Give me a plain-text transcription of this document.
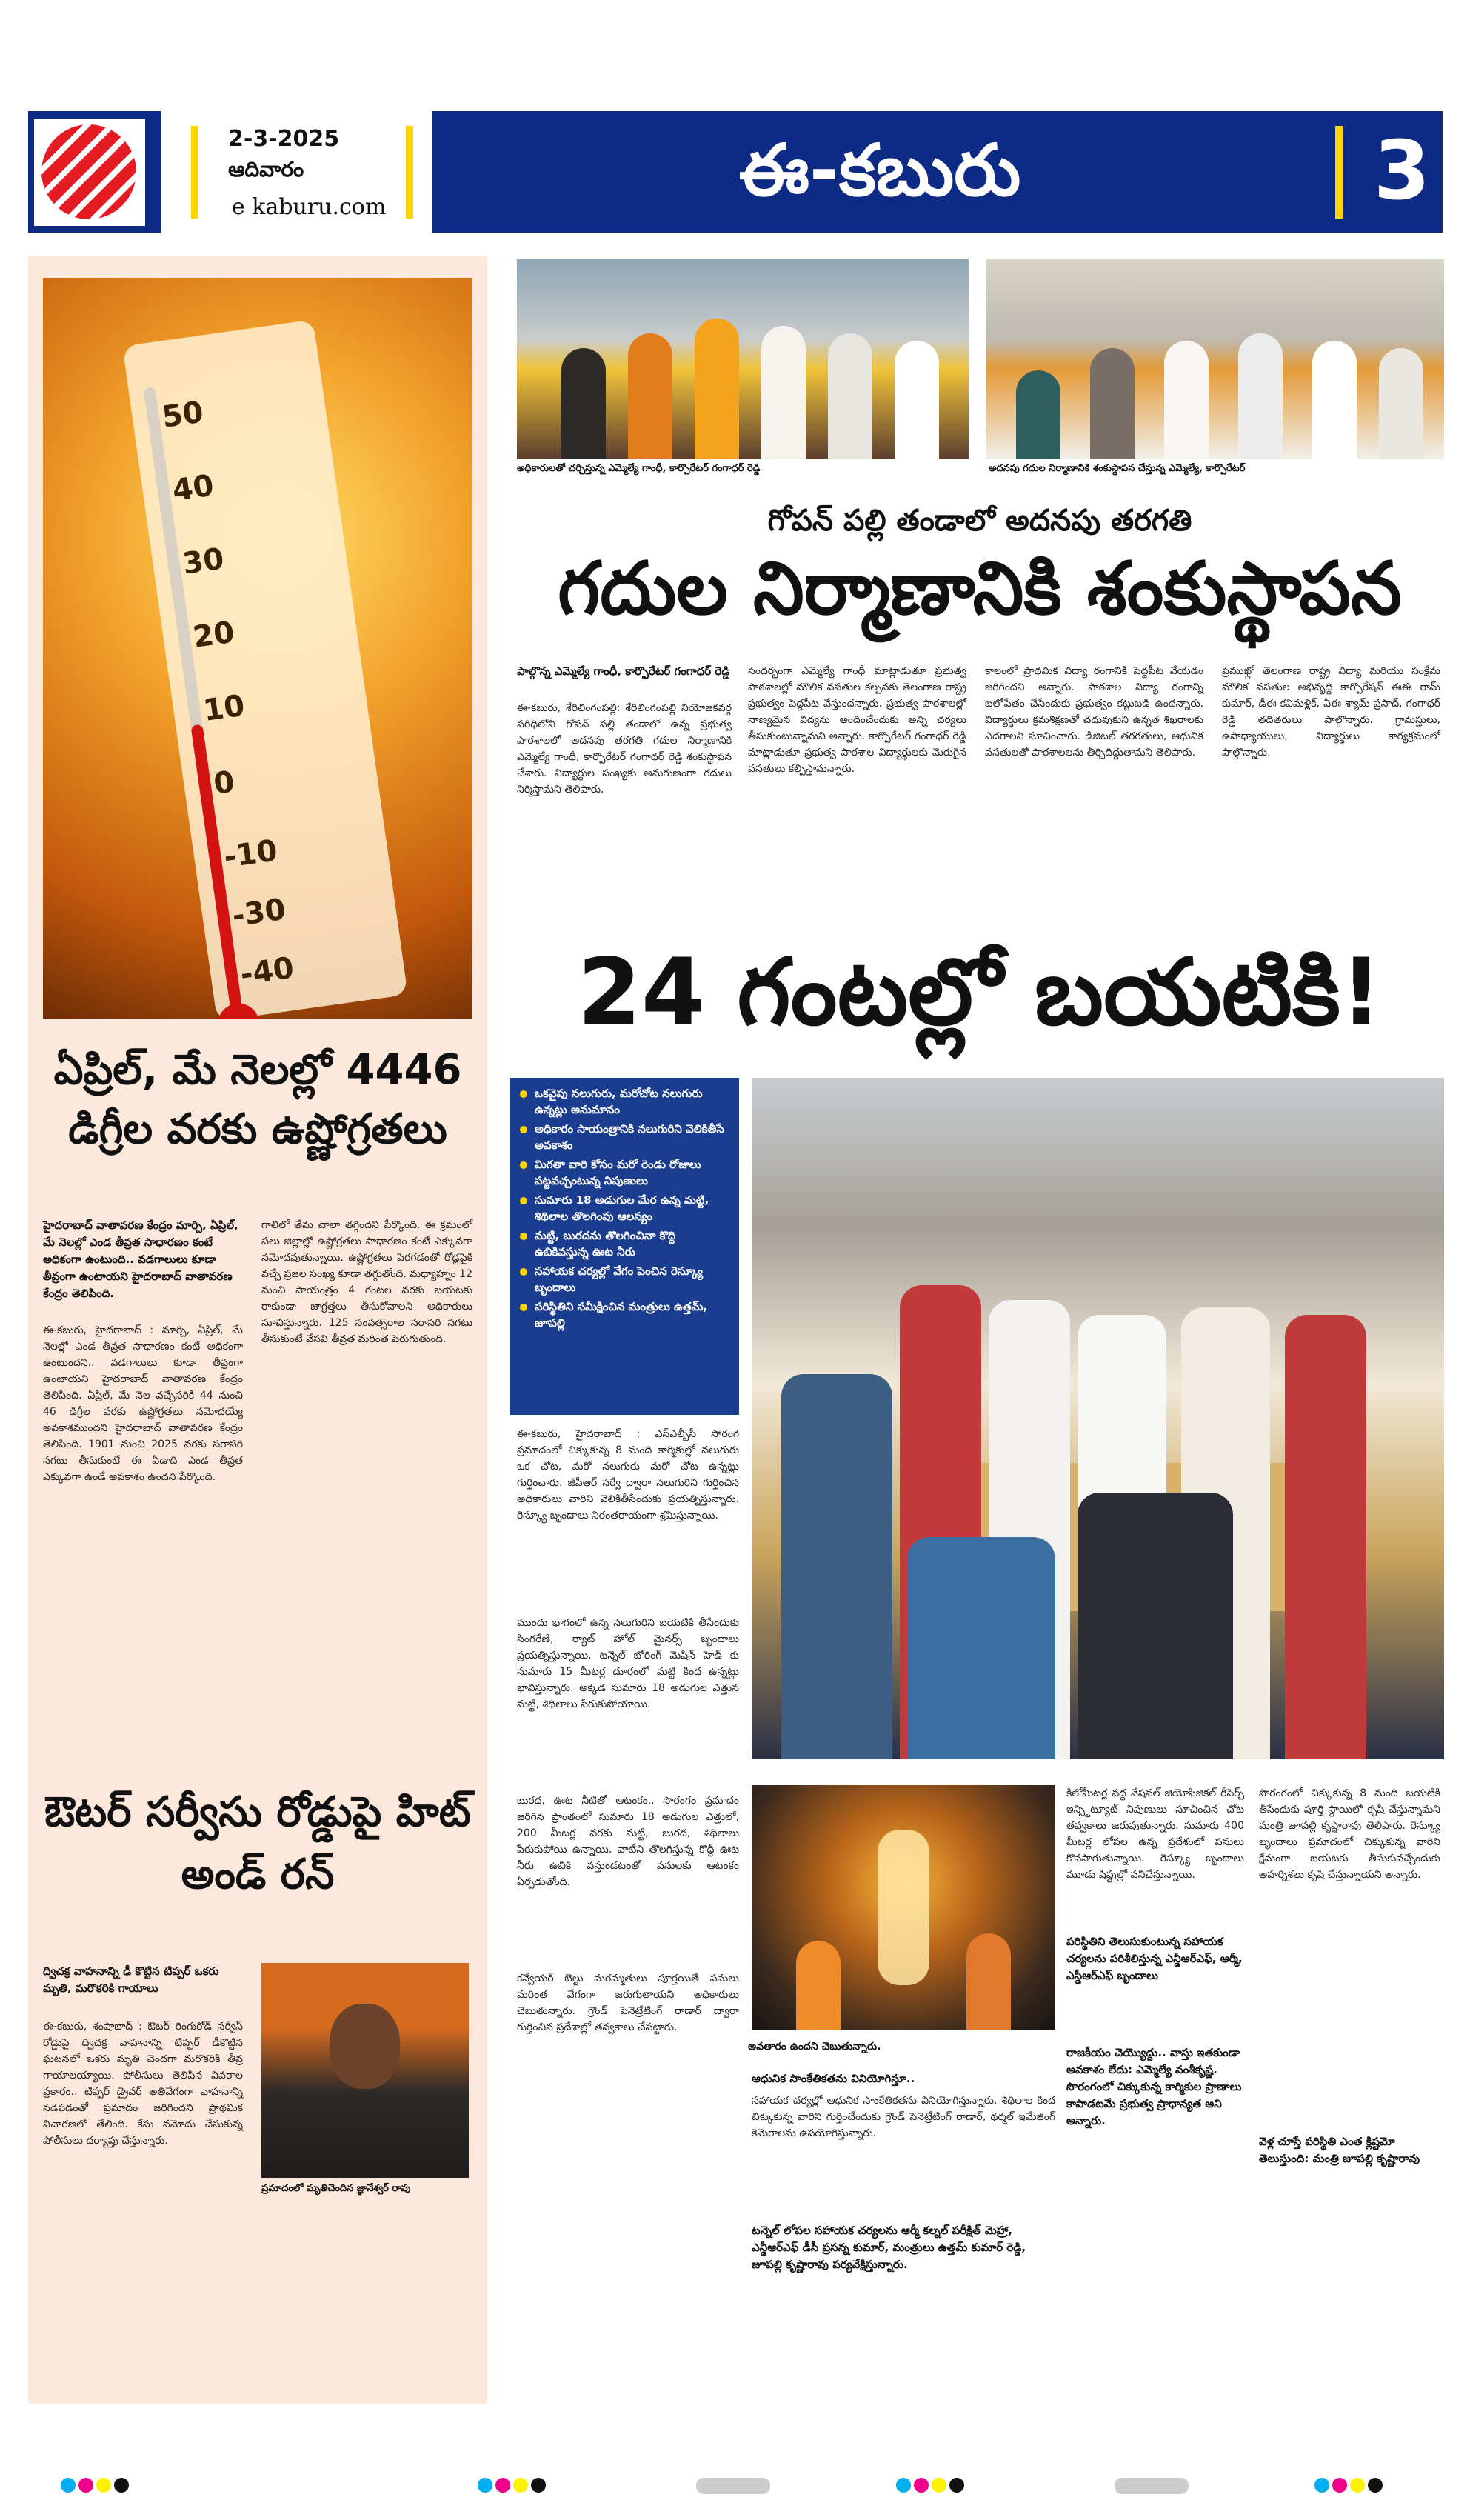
2-3-2025
ఆదివారం
e kaburu.com	ఈ-కబురు	3
50
40
30
20
10
0
-10
-30
-40
ఏప్రిల్, మే నెలల్లో 4446 డిగ్రీల వరకు ఉష్ణోగ్రతలు
హైదరాబాద్ వాతావరణ కేంద్రం మార్చి, ఏప్రిల్, మే నెలల్లో ఎండ తీవ్రత సాధారణం కంటే అధికంగా ఉంటుంది.. వడగాలులు కూడా తీవ్రంగా ఉంటాయని హైదరాబాద్ వాతావరణ కేంద్రం తెలిపింది.
ఈ-కబురు, హైదరాబాద్ : మార్చి, ఏప్రిల్, మే నెలల్లో ఎండ తీవ్రత సాధారణం కంటే అధికంగా ఉంటుందని.. వడగాలులు కూడా తీవ్రంగా ఉంటాయని హైదరాబాద్ వాతావరణ కేంద్రం తెలిపింది. ఏప్రిల్, మే నెల వచ్చేసరికి 44 నుంచి 46 డిగ్రీల వరకు ఉష్ణోగ్రతలు నమోదయ్యే అవకాశముందని హైదరాబాద్ వాతావరణ కేంద్రం తెలిపింది. 1901 నుంచి 2025 వరకు సరాసరి సగటు తీసుకుంటే ఈ ఏడాది ఎండ తీవ్రత ఎక్కువగా ఉండే అవకాశం ఉందని పేర్కొంది.
గాలిలో తేమ చాలా తగ్గిందని పేర్కొంది. ఈ క్రమంలో పలు జిల్లాల్లో ఉష్ణోగ్రతలు సాధారణం కంటే ఎక్కువగా నమోదవుతున్నాయి. ఉష్ణోగ్రతలు పెరగడంతో రోడ్లపైకి వచ్చే ప్రజల సంఖ్య కూడా తగ్గుతోంది. మధ్యాహ్నం 12 నుంచి సాయంత్రం 4 గంటల వరకు బయటకు రాకుండా జాగ్రత్తలు తీసుకోవాలని అధికారులు సూచిస్తున్నారు. 125 సంవత్సరాల సరాసరి సగటు తీసుకుంటే వేసవి తీవ్రత మరింత పెరుగుతుంది.
ఔటర్ సర్వీసు రోడ్డుపై హిట్ అండ్ రన్
ద్విచక్ర వాహనాన్ని ఢీ కొట్టిన టిప్పర్ ఒకరు మృతి, మరొకరికి గాయాలు
ఈ-కబురు, శంషాబాద్ : ఔటర్ రింగురోడ్ సర్వీస్ రోడ్డుపై ద్విచక్ర వాహనాన్ని టిప్పర్ ఢీకొట్టిన ఘటనలో ఒకరు మృతి చెందగా మరొకరికి తీవ్ర గాయాలయ్యాయి. పోలీసులు తెలిపిన వివరాల ప్రకారం.. టిప్పర్ డ్రైవర్ అతివేగంగా వాహనాన్ని నడపడంతో ప్రమాదం జరిగిందని ప్రాథమిక విచారణలో తేలింది. కేసు నమోదు చేసుకున్న పోలీసులు దర్యాప్తు చేస్తున్నారు.
ప్రమాదంలో మృతిచెందిన జ్ఞానేశ్వర్ రావు
అధికారులతో చర్చిస్తున్న ఎమ్మెల్యే గాంధీ, కార్పొరేటర్ గంగాధర్ రెడ్డి	అదనపు గదుల నిర్మాణానికి శంకుస్థాపన చేస్తున్న ఎమ్మెల్యే, కార్పొరేటర్
గోపన్ పల్లి తండాలో అదనపు తరగతి
గదుల నిర్మాణానికి శంకుస్థాపన
పాల్గొన్న ఎమ్మెల్యే గాంధీ, కార్పొరేటర్ గంగాధర్ రెడ్డి
ఈ-కబురు, శేరిలింగంపల్లి: శేరిలింగంపల్లి నియోజకవర్గ పరిధిలోని గోపన్ పల్లి తండాలో ఉన్న ప్రభుత్వ పాఠశాలలో అదనపు తరగతి గదుల నిర్మాణానికి ఎమ్మెల్యే గాంధీ, కార్పొరేటర్ గంగాధర్ రెడ్డి శంకుస్థాపన చేశారు. విద్యార్థుల సంఖ్యకు అనుగుణంగా గదులు నిర్మిస్తామని తెలిపారు.
సందర్భంగా ఎమ్మెల్యే గాంధీ మాట్లాడుతూ ప్రభుత్వ పాఠశాలల్లో మౌలిక వసతుల కల్పనకు తెలంగాణ రాష్ట్ర ప్రభుత్వం పెద్దపీట వేస్తుందన్నారు. ప్రభుత్వ పాఠశాలల్లో నాణ్యమైన విద్యను అందించేందుకు అన్ని చర్యలు తీసుకుంటున్నామని అన్నారు. కార్పొరేటర్ గంగాధర్ రెడ్డి మాట్లాడుతూ ప్రభుత్వ పాఠశాల విద్యార్థులకు మెరుగైన వసతులు కల్పిస్తామన్నారు.
కాలంలో ప్రాథమిక విద్యా రంగానికి పెద్దపీట వేయడం జరిగిందని అన్నారు. పాఠశాల విద్యా రంగాన్ని బలోపేతం చేసేందుకు ప్రభుత్వం కట్టుబడి ఉందన్నారు. విద్యార్థులు క్రమశిక్షణతో చదువుకుని ఉన్నత శిఖరాలకు ఎదగాలని సూచించారు. డిజిటల్ తరగతులు, ఆధునిక వసతులతో పాఠశాలలను తీర్చిదిద్దుతామని తెలిపారు.
ప్రముఖ్లో తెలంగాణ రాష్ట్ర విద్యా మరియు సంక్షేమ మౌలిక వసతుల అభివృద్ధి కార్పొరేషన్ ఈఈ రామ్ కుమార్, డీఈ కవిమళ్లిక్, ఏఈ శ్యామ్ ప్రసాద్, గంగాధర్ రెడ్డి తదితరులు పాల్గొన్నారు. గ్రామస్తులు, ఉపాధ్యాయులు, విద్యార్థులు కార్యక్రమంలో పాల్గొన్నారు.
24 గంటల్లో బయటికి!
ఒకవైపు నలుగురు, మరోచోట నలుగురు ఉన్నట్లు అనుమానం
అధికారం సాయంత్రానికి నలుగురిని వెలికితీసే అవకాశం
మిగతా వారి కోసం మరో రెండు రోజులు పట్టవచ్చంటున్న నిపుణులు
సుమారు 18 అడుగుల మేర ఉన్న మట్టి, శిథిలాల తొలగింపు ఆలస్యం
మట్టి, బురదను తొలగించినా కొద్ది ఉబికివస్తున్న ఊట నీరు
సహాయక చర్యల్లో వేగం పెంచిన రెస్క్యూ బృందాలు
పరిస్థితిని సమీక్షించిన మంత్రులు ఉత్తమ్, జూపల్లి
ఈ-కబురు, హైదరాబాద్ : ఎస్ఎల్బీసీ సొరంగ ప్రమాదంలో చిక్కుకున్న 8 మంది కార్మికుల్లో నలుగురు ఒక చోట, మరో నలుగురు మరో చోట ఉన్నట్లు గుర్తించారు. జీపీఆర్ సర్వే ద్వారా నలుగురిని గుర్తించిన అధికారులు వారిని వెలికితీసేందుకు ప్రయత్నిస్తున్నారు. రెస్క్యూ బృందాలు నిరంతరాయంగా శ్రమిస్తున్నాయి.
ముందు భాగంలో ఉన్న నలుగురిని బయటికి తీసేందుకు సింగరేణి, ర్యాట్ హోల్ మైనర్స్ బృందాలు ప్రయత్నిస్తున్నాయి. టన్నెల్ బోరింగ్ మెషిన్ హెడ్ కు సుమారు 15 మీటర్ల దూరంలో మట్టి కింద ఉన్నట్లు భావిస్తున్నారు. అక్కడ సుమారు 18 అడుగుల ఎత్తున మట్టి, శిథిలాలు పేరుకుపోయాయి.
బురద, ఊట నీటితో ఆటంకం.. సొరంగం ప్రమాదం జరిగిన ప్రాంతంలో సుమారు 18 అడుగుల ఎత్తులో, 200 మీటర్ల వరకు మట్టి, బురద, శిథిలాలు పేరుకుపోయి ఉన్నాయి. వాటిని తొలగిస్తున్న కొద్దీ ఊట నీరు ఉబికి వస్తుండటంతో పనులకు ఆటంకం ఏర్పడుతోంది.
కన్వేయర్ బెల్టు మరమ్మతులు పూర్తయితే పనులు మరింత వేగంగా జరుగుతాయని అధికారులు చెబుతున్నారు. గ్రౌండ్ పెనెట్రేటింగ్ రాడార్ ద్వారా గుర్తించిన ప్రదేశాల్లో తవ్వకాలు చేపట్టారు.
అవతారం ఉందని చెబుతున్నారు.
ఆధునిక సాంకేతికతను వినియోగిస్తూ..
సహాయక చర్యల్లో ఆధునిక సాంకేతికతను వినియోగిస్తున్నారు. శిథిలాల కింద చిక్కుకున్న వారిని గుర్తించేందుకు గ్రౌండ్ పెనెట్రేటింగ్ రాడార్, థర్మల్ ఇమేజింగ్ కెమెరాలను ఉపయోగిస్తున్నారు.
టన్నెల్ లోపల సహాయక చర్యలను ఆర్మీ కల్నల్ పరీక్షిత్ మెహ్రా, ఎన్డీఆర్ఎఫ్ డీసీ ప్రసన్న కుమార్, మంత్రులు ఉత్తమ్ కుమార్ రెడ్డి, జూపల్లి కృష్ణారావు పర్యవేక్షిస్తున్నారు.
కిలోమీటర్ల వద్ద నేషనల్ జియోఫిజికల్ రీసెర్చ్ ఇన్స్టిట్యూట్ నిపుణులు సూచించిన చోట తవ్వకాలు జరుపుతున్నారు. సుమారు 400 మీటర్ల లోపల ఉన్న ప్రదేశంలో పనులు కొనసాగుతున్నాయి. రెస్క్యూ బృందాలు మూడు షిఫ్టుల్లో పనిచేస్తున్నాయి.
పరిస్థితిని తెలుసుకుంటున్న సహాయక చర్యలను పరిశీలిస్తున్న ఎన్డీఆర్ఎఫ్, ఆర్మీ, ఎస్డీఆర్ఎఫ్ బృందాలు
రాజకీయం చెయ్యొద్దు.. వాస్తు ఇతకుండా అవకాశం లేదు: ఎమ్మెల్యే వంశీకృష్ణ. సొరంగంలో చిక్కుకున్న కార్మికుల ప్రాణాలు కాపాడటమే ప్రభుత్వ ప్రాధాన్యత అని అన్నారు.
సొరంగంలో చిక్కుకున్న 8 మంది బయటికి తీసేందుకు పూర్తి స్థాయిలో కృషి చేస్తున్నామని మంత్రి జూపల్లి కృష్ణారావు తెలిపారు. రెస్క్యూ బృందాలు ప్రమాదంలో చిక్కుకున్న వారిని క్షేమంగా బయటకు తీసుకువచ్చేందుకు అహర్నిశలు కృషి చేస్తున్నాయని అన్నారు.
వెళ్ల చూస్తే పరిస్థితి ఎంత క్లిష్టమో తెలుస్తుంది: మంత్రి జూపల్లి కృష్ణారావు
